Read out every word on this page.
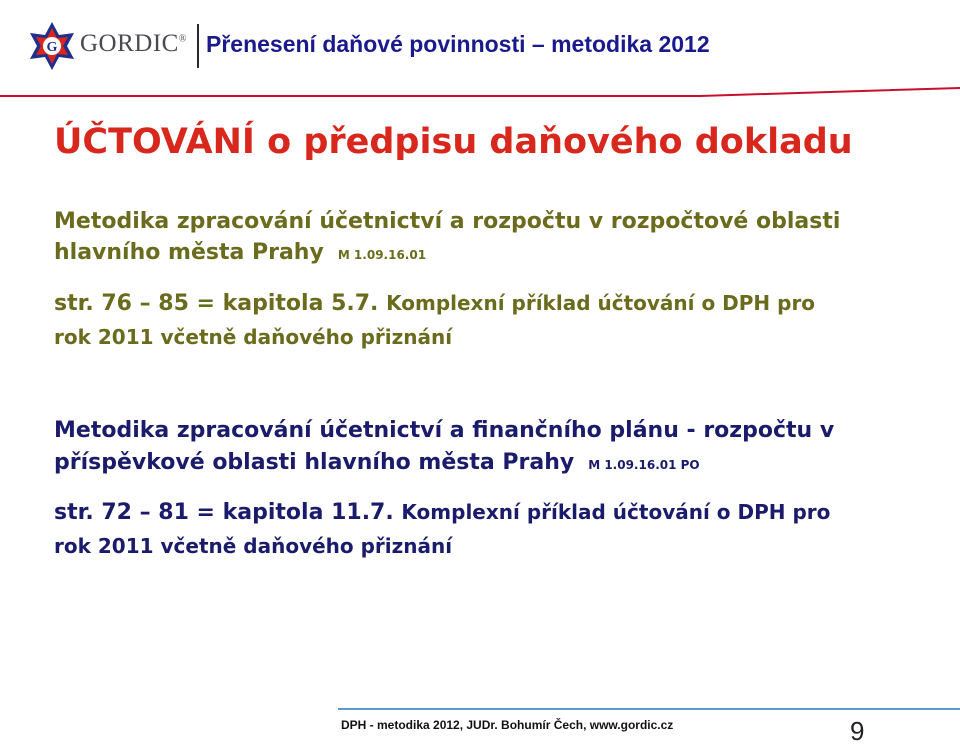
G GORDIC® Přenesení daňové povinnosti – metodika 2012
ÚČTOVÁNÍ o předpisu daňového dokladu
Metodika zpracování účetnictví a rozpočtu v rozpočtové oblasti
hlavního města Prahy M 1.09.16.01
str. 76 – 85 = kapitola 5.7. Komplexní příklad účtování o DPH pro
rok 2011 včetně daňového přiznání
Metodika zpracování účetnictví a finančního plánu - rozpočtu v
příspěvkové oblasti hlavního města Prahy M 1.09.16.01 PO
str. 72 – 81 = kapitola 11.7. Komplexní příklad účtování o DPH pro
rok 2011 včetně daňového přiznání
DPH - metodika 2012, JUDr. Bohumír Čech, www.gordic.cz	9
